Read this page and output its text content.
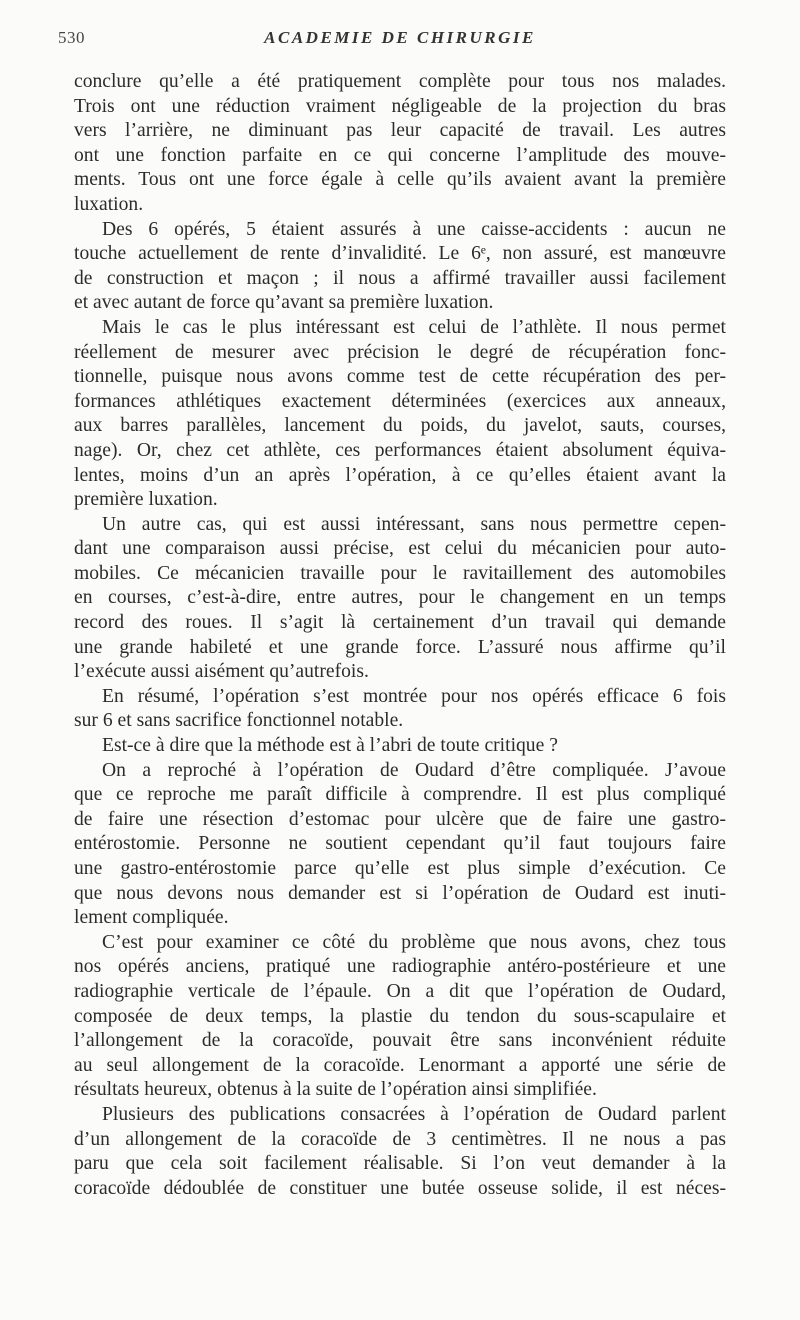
530	ACADEMIE DE CHIRURGIE
conclure qu’elle a été pratiquement complète pour tous nos malades.
Trois ont une réduction vraiment négligeable de la projection du bras
vers l’arrière, ne diminuant pas leur capacité de travail. Les autres
ont une fonction parfaite en ce qui concerne l’amplitude des mouve-
ments. Tous ont une force égale à celle qu’ils avaient avant la première
luxation.
Des 6 opérés, 5 étaient assurés à une caisse-accidents : aucun ne
touche actuellement de rente d’invalidité. Le 6ᵉ, non assuré, est manœuvre
de construction et maçon ; il nous a affirmé travailler aussi facilement
et avec autant de force qu’avant sa première luxation.
Mais le cas le plus intéressant est celui de l’athlète. Il nous permet
réellement de mesurer avec précision le degré de récupération fonc-
tionnelle, puisque nous avons comme test de cette récupération des per-
formances athlétiques exactement déterminées (exercices aux anneaux,
aux barres parallèles, lancement du poids, du javelot, sauts, courses,
nage). Or, chez cet athlète, ces performances étaient absolument équiva-
lentes, moins d’un an après l’opération, à ce qu’elles étaient avant la
première luxation.
Un autre cas, qui est aussi intéressant, sans nous permettre cepen-
dant une comparaison aussi précise, est celui du mécanicien pour auto-
mobiles. Ce mécanicien travaille pour le ravitaillement des automobiles
en courses, c’est-à-dire, entre autres, pour le changement en un temps
record des roues. Il s’agit là certainement d’un travail qui demande
une grande habileté et une grande force. L’assuré nous affirme qu’il
l’exécute aussi aisément qu’autrefois.
En résumé, l’opération s’est montrée pour nos opérés efficace 6 fois
sur 6 et sans sacrifice fonctionnel notable.
Est-ce à dire que la méthode est à l’abri de toute critique ?
On a reproché à l’opération de Oudard d’être compliquée. J’avoue
que ce reproche me paraît difficile à comprendre. Il est plus compliqué
de faire une résection d’estomac pour ulcère que de faire une gastro-
entérostomie. Personne ne soutient cependant qu’il faut toujours faire
une gastro-entérostomie parce qu’elle est plus simple d’exécution. Ce
que nous devons nous demander est si l’opération de Oudard est inuti-
lement compliquée.
C’est pour examiner ce côté du problème que nous avons, chez tous
nos opérés anciens, pratiqué une radiographie antéro-postérieure et une
radiographie verticale de l’épaule. On a dit que l’opération de Oudard,
composée de deux temps, la plastie du tendon du sous-scapulaire et
l’allongement de la coracoïde, pouvait être sans inconvénient réduite
au seul allongement de la coracoïde. Lenormant a apporté une série de
résultats heureux, obtenus à la suite de l’opération ainsi simplifiée.
Plusieurs des publications consacrées à l’opération de Oudard parlent
d’un allongement de la coracoïde de 3 centimètres. Il ne nous a pas
paru que cela soit facilement réalisable. Si l’on veut demander à la
coracoïde dédoublée de constituer une butée osseuse solide, il est néces-
